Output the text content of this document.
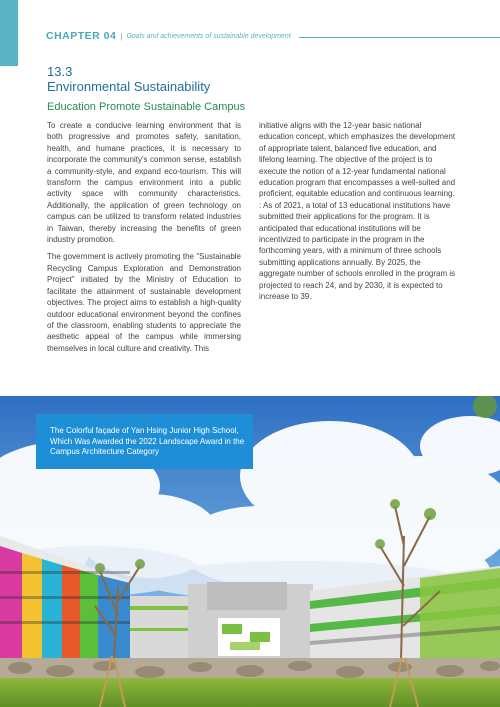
CHAPTER 04 | Goals and achievements of sustainable development
13.3
Environmental Sustainability
Education Promote Sustainable Campus

To create a conducive learning environment that is both progressive and promotes safety, sanitation, health, and humane practices, it is necessary to incorporate the community's common sense, establish a community-style, and expand eco-tourism. This will transform the campus environment into a public activity space with community characteristics. Additionally, the application of green technology on campus can be utilized to transform related industries in Taiwan, thereby increasing the benefits of green industry promotion.

The government is actively promoting the "Sustainable Recycling Campus Exploration and Demonstration Project" initiated by the Ministry of Education to facilitate the attainment of sustainable development objectives. The project aims to establish a high-quality outdoor educational environment beyond the confines of the classroom, enabling students to appreciate the aesthetic appeal of the campus while immersing themselves in local culture and creativity. This

initiative aligns with the 12-year basic national education concept, which emphasizes the development of appropriate talent, balanced five education, and lifelong learning. The objective of the project is to execute the notion of a 12-year fundamental national education program that encompasses a well-suited and proficient, equitable education and continuous learning. : As of 2021, a total of 13 educational institutions have submitted their applications for the program. It is anticipated that educational institutions will be incentivized to participate in the program in the forthcoming years, with a minimum of three schools submitting applications annually. By 2025, the aggregate number of schools enrolled in the program is projected to reach 24, and by 2030, it is expected to increase to 39.

The Colorful façade of Yan Hsing Junior High School, Which Was Awarded the 2022 Landscape Award in the Campus Architecture Category
